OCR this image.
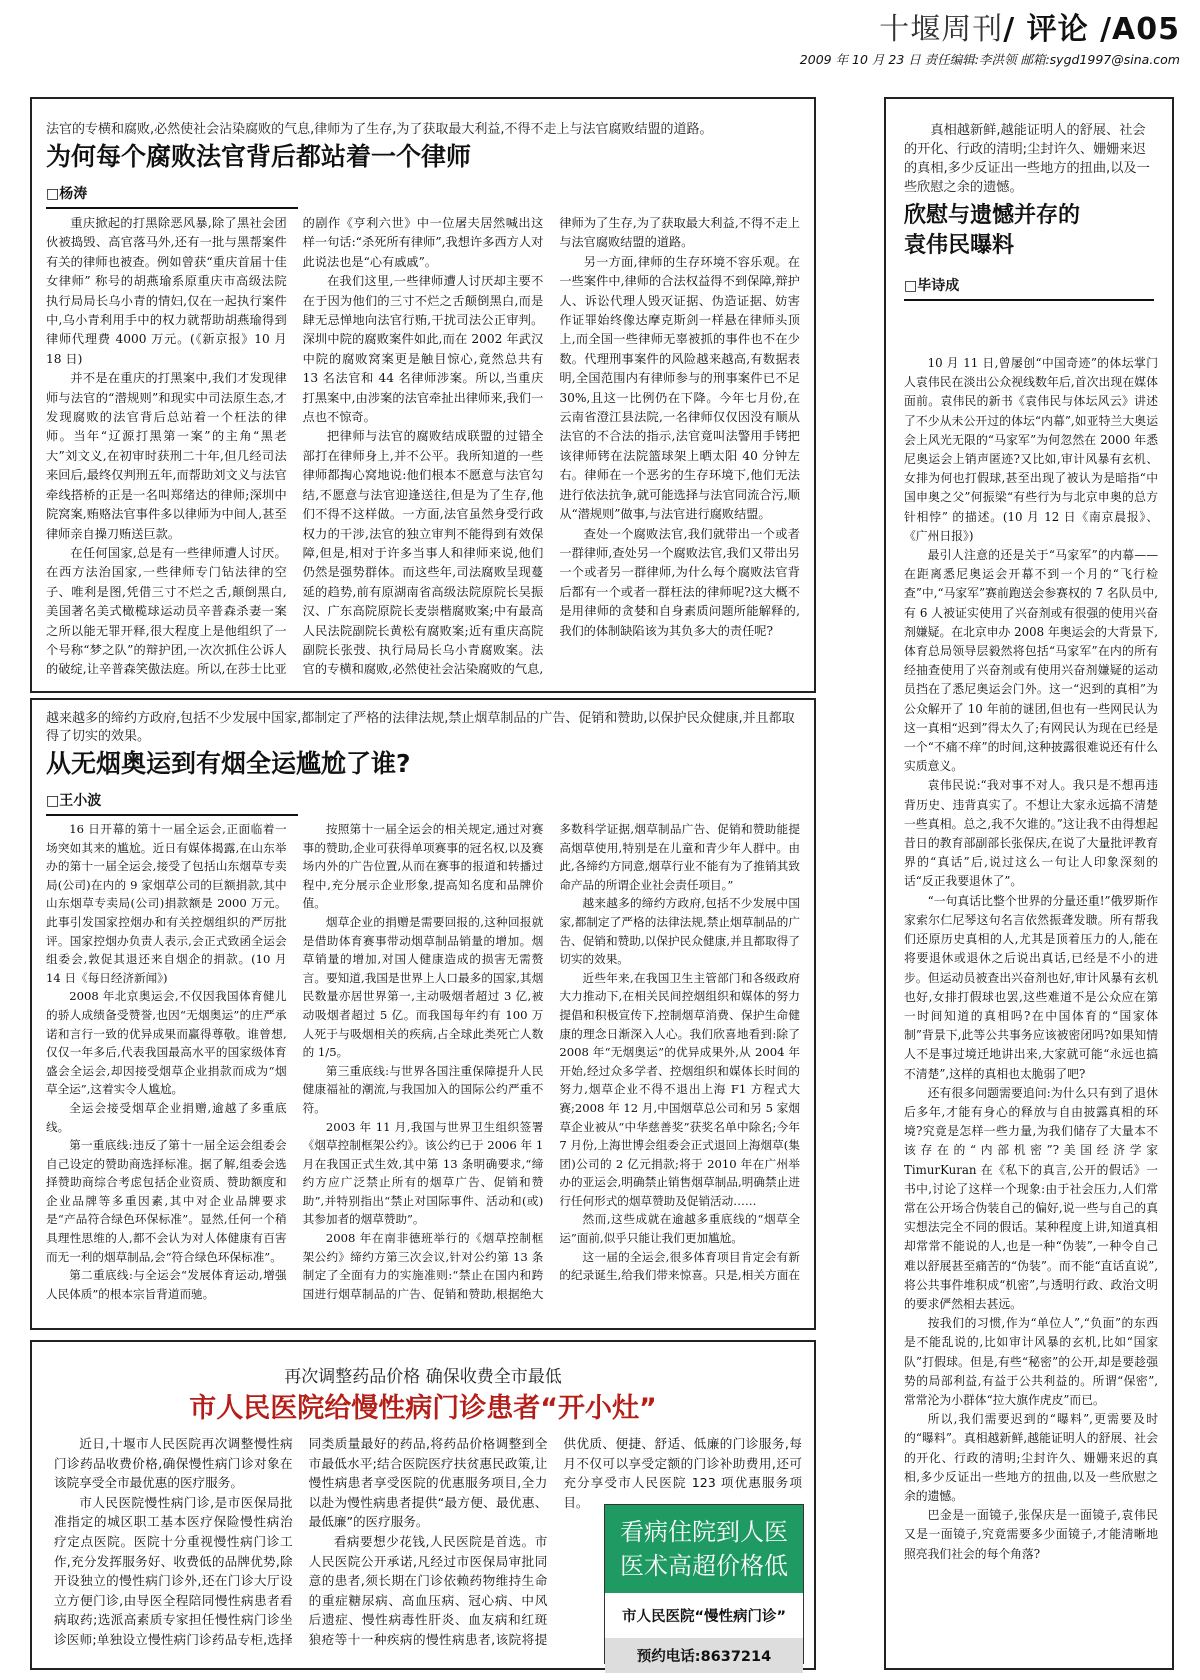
十堰周刊/ 评论 /A05
2009 年 10 月 23 日 责任编辑:李洪领 邮箱:sygd1997@sina.com
法官的专横和腐败,必然使社会沾染腐败的气息,律师为了生存,为了获取最大利益,不得不走上与法官腐败结盟的道路。
为何每个腐败法官背后都站着一个律师
□杨涛

重庆掀起的打黑除恶风暴,除了黑社会团伙被捣毁、高官落马外,还有一批与黑帮案件有关的律师也被查。例如曾获“重庆首届十佳女律师” 称号的胡燕瑜系原重庆市高级法院执行局局长乌小青的情妇,仅在一起执行案件中,乌小青利用手中的权力就帮助胡燕瑜得到律师代理费 4000 万元。(《新京报》10 月 18 日)

并不是在重庆的打黑案中,我们才发现律师与法官的“潜规则”和现实中司法原生态,才发现腐败的法官背后总站着一个枉法的律师。当年“辽源打黑第一案”的主角“黑老大”刘文义,在初审时获刑二十年,但几经司法来回后,最终仅判刑五年,而帮助刘文义与法官牵线搭桥的正是一名叫郑绪达的律师;深圳中院窝案,贿赂法官事件多以律师为中间人,甚至律师亲自操刀贿送巨款。

在任何国家,总是有一些律师遭人讨厌。在西方法治国家,一些律师专门钻法律的空子、唯利是图,凭借三寸不烂之舌,颠倒黑白,美国著名美式橄榄球运动员辛普森杀妻一案之所以能无罪开释,很大程度上是他组织了一个号称“梦之队”的辩护团,一次次抓住公诉人的破绽,让辛普森笑傲法庭。所以,在莎士比亚的剧作《亨利六世》中一位屠夫居然喊出这样一句话:“杀死所有律师”,我想许多西方人对此说法也是“心有戚戚”。

在我们这里,一些律师遭人讨厌却主要不在于因为他们的三寸不烂之舌颠倒黑白,而是肆无忌惮地向法官行贿,干扰司法公正审判。深圳中院的腐败案件如此,而在 2002 年武汉中院的腐败窝案更是触目惊心,竟然总共有 13 名法官和 44 名律师涉案。所以,当重庆打黑案中,由涉案的法官牵扯出律师来,我们一点也不惊奇。

把律师与法官的腐败结成联盟的过错全部打在律师身上,并不公平。我所知道的一些律师都掏心窝地说:他们根本不愿意与法官勾结,不愿意与法官迎逢送往,但是为了生存,他们不得不这样做。一方面,法官虽然身受行政权力的干涉,法官的独立审判不能得到有效保障,但是,相对于许多当事人和律师来说,他们仍然是强势群体。而这些年,司法腐败呈现蔓延的趋势,前有原湖南省高级法院原院长吴振汉、广东高院原院长麦崇楷腐败案;中有最高人民法院副院长黄松有腐败案;近有重庆高院副院长张弢、执行局局长乌小青腐败案。法官的专横和腐败,必然使社会沾染腐败的气息,律师为了生存,为了获取最大利益,不得不走上与法官腐败结盟的道路。

另一方面,律师的生存环境不容乐观。在一些案件中,律师的合法权益得不到保障,辩护人、诉讼代理人毁灭证据、伪造证据、妨害作证罪始终像达摩克斯剑一样悬在律师头顶上,而全国一些律师无辜被抓的事件也不在少数。代理刑事案件的风险越来越高,有数据表明,全国范围内有律师参与的刑事案件已不足 30%,且这一比例仍在下降。今年七月份,在云南省澄江县法院,一名律师仅仅因没有顺从法官的不合法的指示,法官竟叫法警用手铐把该律师铐在法院篮球架上晒太阳 40 分钟左右。律师在一个恶劣的生存环境下,他们无法进行依法抗争,就可能选择与法官同流合污,顺从“潜规则”做事,与法官进行腐败结盟。

查处一个腐败法官,我们就带出一个或者一群律师,查处另一个腐败法官,我们又带出另一个或者另一群律师,为什么每个腐败法官背后都有一个或者一群枉法的律师呢?这大概不是用律师的贪婪和自身素质问题所能解释的,我们的体制缺陷该为其负多大的责任呢?

越来越多的缔约方政府,包括不少发展中国家,都制定了严格的法律法规,禁止烟草制品的广告、促销和赞助,以保护民众健康,并且都取得了切实的效果。
从无烟奥运到有烟全运尴尬了谁?
□王小波

16 日开幕的第十一届全运会,正面临着一场突如其来的尴尬。近日有媒体揭露,在山东举办的第十一届全运会,接受了包括山东烟草专卖局(公司)在内的 9 家烟草公司的巨额捐款,其中山东烟草专卖局(公司)捐款额是 2000 万元。此事引发国家控烟办和有关控烟组织的严厉批评。国家控烟办负责人表示,会正式致函全运会组委会,敦促其退还来自烟企的捐款。(10 月 14 日《每日经济新闻》)

2008 年北京奥运会,不仅因我国体育健儿的骄人成绩备受赞誉,也因“无烟奥运”的庄严承诺和言行一致的优异成果而赢得尊敬。谁曾想,仅仅一年多后,代表我国最高水平的国家级体育盛会全运会,却因接受烟草企业捐款而成为“烟草全运”,这着实令人尴尬。

全运会接受烟草企业捐赠,逾越了多重底线。

第一重底线:违反了第十一届全运会组委会自己设定的赞助商选择标准。据了解,组委会选择赞助商综合考虑包括企业资质、赞助额度和企业品牌等多重因素,其中对企业品牌要求是“产品符合绿色环保标准”。显然,任何一个稍具理性思维的人,都不会认为对人体健康有百害而无一利的烟草制品,会“符合绿色环保标准”。

第二重底线:与全运会“发展体育运动,增强人民体质”的根本宗旨背道而驰。

按照第十一届全运会的相关规定,通过对赛事的赞助,企业可获得单项赛事的冠名权,以及赛场内外的广告位置,从而在赛事的报道和转播过程中,充分展示企业形象,提高知名度和品牌价值。

烟草企业的捐赠是需要回报的,这种回报就是借助体育赛事带动烟草制品销量的增加。烟草销量的增加,对国人健康造成的损害无需赘言。要知道,我国是世界上人口最多的国家,其烟民数量亦居世界第一,主动吸烟者超过 3 亿,被动吸烟者超过 5 亿。而我国每年约有 100 万人死于与吸烟相关的疾病,占全球此类死亡人数的 1/5。

第三重底线:与世界各国注重保障提升人民健康福祉的潮流,与我国加入的国际公约严重不符。

2003 年 11 月,我国与世界卫生组织签署《烟草控制框架公约》。该公约已于 2006 年 1 月在我国正式生效,其中第 13 条明确要求,“缔约方应广泛禁止所有的烟草广告、促销和赞助”,并特别指出“禁止对国际事件、活动和(或)其参加者的烟草赞助”。

2008 年在南非德班举行的《烟草控制框架公约》缔约方第三次会议,针对公约第 13 条制定了全面有力的实施准则:“禁止在国内和跨国进行烟草制品的广告、促销和赞助,根据绝大多数科学证据,烟草制品广告、促销和赞助能提高烟草使用,特别是在儿童和青少年人群中。由此,各缔约方同意,烟草行业不能有为了推销其致命产品的所谓企业社会责任项目。”

越来越多的缔约方政府,包括不少发展中国家,都制定了严格的法律法规,禁止烟草制品的广告、促销和赞助,以保护民众健康,并且都取得了切实的效果。

近些年来,在我国卫生主管部门和各级政府大力推动下,在相关民间控烟组织和媒体的努力提倡和积极宣传下,控制烟草消费、保护生命健康的理念日渐深入人心。我们欣喜地看到:除了 2008 年“无烟奥运”的优异成果外,从 2004 年开始,经过众多学者、控烟组织和媒体长时间的努力,烟草企业不得不退出上海 F1 方程式大赛;2008 年 12 月,中国烟草总公司和另 5 家烟草企业被从“中华慈善奖”获奖名单中除名;今年 7 月份,上海世博会组委会正式退回上海烟草(集团)公司的 2 亿元捐款;将于 2010 年在广州举办的亚运会,明确禁止销售烟草制品,明确禁止进行任何形式的烟草赞助及促销活动……

然而,这些成就在逾越多重底线的“烟草全运”面前,似乎只能让我们更加尴尬。

这一届的全运会,很多体育项目肯定会有新的纪录诞生,给我们带来惊喜。只是,相关方面在

真相越新鲜,越能证明人的舒展、社会的开化、行政的清明;尘封许久、姗姗来迟的真相,多少反证出一些地方的扭曲,以及一些欣慰之余的遗憾。
欣慰与遗憾并存的
袁伟民曝料
□毕诗成

10 月 11 日,曾屡创“中国奇迹”的体坛掌门人袁伟民在淡出公众视线数年后,首次出现在媒体面前。袁伟民的新书《袁伟民与体坛风云》讲述了不少从未公开过的体坛“内幕”,如亚特兰大奥运会上风光无限的“马家军”为何忽然在 2000 年悉尼奥运会上销声匿迹?又比如,审计风暴有玄机、女排为何也打假球,甚至出现了被认为是暗指“中国申奥之父”何振梁“有些行为与北京申奥的总方针相悖” 的描述。(10 月 12 日《南京晨报》、《广州日报》)

最引人注意的还是关于“马家军”的内幕——在距离悉尼奥运会开幕不到一个月的“飞行检查”中,“马家军”赛前跑送会参赛权的 7 名队员中,有 6 人被证实使用了兴奋剂或有很强的使用兴奋剂嫌疑。在北京申办 2008 年奥运会的大背景下,体育总局领导层毅然将包括“马家军”在内的所有经抽查使用了兴奋剂或有使用兴奋剂嫌疑的运动员挡在了悉尼奥运会门外。这一“迟到的真相”为公众解开了 10 年前的谜团,但也有一些网民认为这一真相“迟到”得太久了;有网民认为现在已经是一个“不痛不痒”的时间,这种披露很难说还有什么实质意义。

袁伟民说:“我对事不对人。我只是不想再违背历史、违背真实了。不想让大家永远搞不清楚一些真相。总之,我不欠谁的。”这让我不由得想起昔日的教育部副部长张保庆,在说了大量批评教育界的“真话”后,说过这么一句让人印象深刻的话“反正我要退休了”。

“一句真话比整个世界的分量还重!”俄罗斯作家索尔仁尼琴这句名言依然振聋发聩。所有帮我们还原历史真相的人,尤其是顶着压力的人,能在将要退休或退休之后说出真话,已经是不小的进步。但运动员被查出兴奋剂也好,审计风暴有玄机也好,女排打假球也罢,这些难道不是公众应在第一时间知道的真相吗?在中国体育的“国家体制”背景下,此等公共事务应该被密闭吗?如果知情人不是事过境迁地讲出来,大家就可能“永远也搞不清楚”,这样的真相也太脆弱了吧?

还有很多问题需要追问:为什么只有到了退休后多年,才能有身心的释放与自由披露真相的环境?究竟是怎样一些力量,为我们储存了大量本不该存在的“内部机密”?美国经济学家 TimurKuran 在《私下的真言,公开的假话》一书中,讨论了这样一个现象:由于社会压力,人们常常在公开场合伪装自己的偏好,说一些与自己的真实想法完全不同的假话。某种程度上讲,知道真相却常常不能说的人,也是一种“伪装”,一种令自己难以舒展甚至痛苦的“伪装”。而不能“直话直说”,将公共事件堆积成“机密”,与透明行政、政治文明的要求俨然相去甚远。

按我们的习惯,作为“单位人”,“负面”的东西是不能乱说的,比如审计风暴的玄机,比如“国家队”打假球。但是,有些“秘密”的公开,却是要趁强势的局部利益,有益于公共利益的。所谓“保密”,常常沦为小群体“拉大旗作虎皮”而已。

所以,我们需要迟到的“曝料”,更需要及时的“曝料”。真相越新鲜,越能证明人的舒展、社会的开化、行政的清明;尘封许久、姗姗来迟的真相,多少反证出一些地方的扭曲,以及一些欣慰之余的遗憾。

巴金是一面镜子,张保庆是一面镜子,袁伟民又是一面镜子,究竟需要多少面镜子,才能清晰地照亮我们社会的每个角落?

再次调整药品价格 确保收费全市最低
市人民医院给慢性病门诊患者“开小灶”

近日,十堰市人民医院再次调整慢性病门诊药品收费价格,确保慢性病门诊对象在该院享受全市最优惠的医疗服务。

市人民医院慢性病门诊,是市医保局批准指定的城区职工基本医疗保险慢性病治疗定点医院。医院十分重视慢性病门诊工作,充分发挥服务好、收费低的品牌优势,除开设独立的慢性病门诊外,还在门诊大厅设立方便门诊,由导医全程陪同慢性病患者看病取药;选派高素质专家担任慢性病门诊坐诊医师;单独设立慢性病门诊药品专柜,选择同类质量最好的药品,将药品价格调整到全市最低水平;结合医院医疗扶贫惠民政策,让慢性病患者享受医院的优惠服务项目,全力以赴为慢性病患者提供“最方便、最优惠、最低廉”的医疗服务。

看病要想少花钱,人民医院是首选。市人民医院公开承诺,凡经过市医保局审批同意的患者,须长期在门诊依赖药物维持生命的重症糖尿病、高血压病、冠心病、中风后遗症、慢性病毒性肝炎、血友病和红斑狼疮等十一种疾病的慢性病患者,该院将提供优质、便捷、舒适、低廉的门诊服务,每月不仅可以享受定额的门诊补助费用,还可充分享受市人民医院 123 项优惠服务项目。

看病住院到人医
医术高超价格低
市人民医院“慢性病门诊”
预约电话:8637214
